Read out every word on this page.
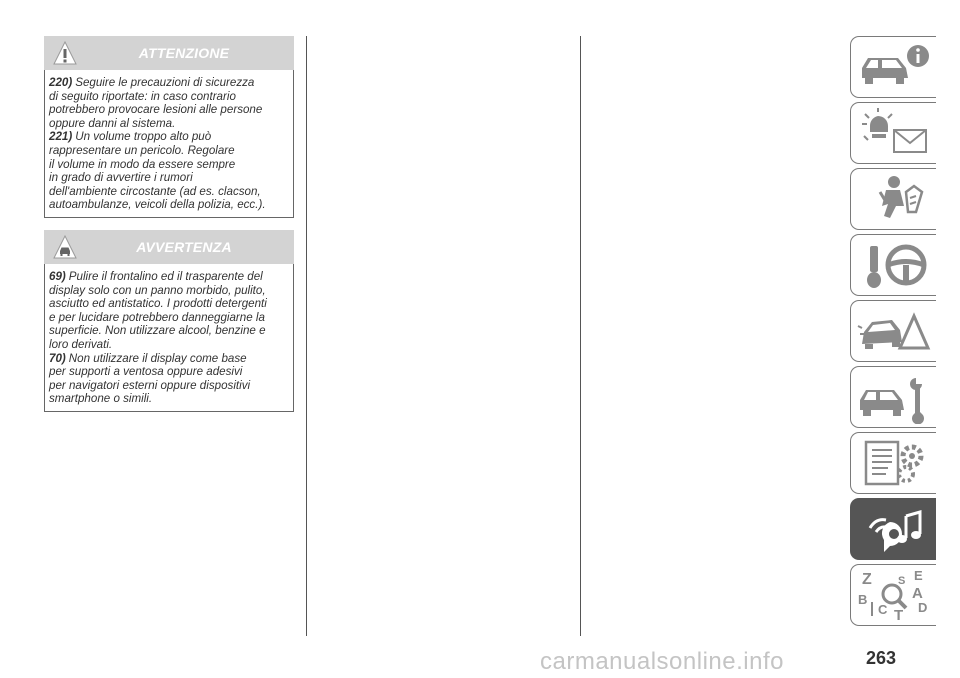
ATTENZIONE

220) Seguire le precauzioni di sicurezza
di seguito riportate: in caso contrario
potrebbero provocare lesioni alle persone
oppure danni al sistema.

221) Un volume troppo alto può
rappresentare un pericolo. Regolare
il volume in modo da essere sempre
in grado di avvertire i rumori
dell'ambiente circostante (ad es. clacson,
autoambulanze, veicoli della polizia, ecc.).

AVVERTENZA

69) Pulire il frontalino ed il trasparente del
display solo con un panno morbido, pulito,
asciutto ed antistatico. I prodotti detergenti
e per lucidare potrebbero danneggiarne la
superficie. Non utilizzare alcool, benzine e
loro derivati.

70) Non utilizzare il display come base
per supporti a ventosa oppure adesivi
per navigatori esterni oppure dispositivi
smartphone o simili.

Z	E
A
B
C T D
S
carmanualsonline.info	263
